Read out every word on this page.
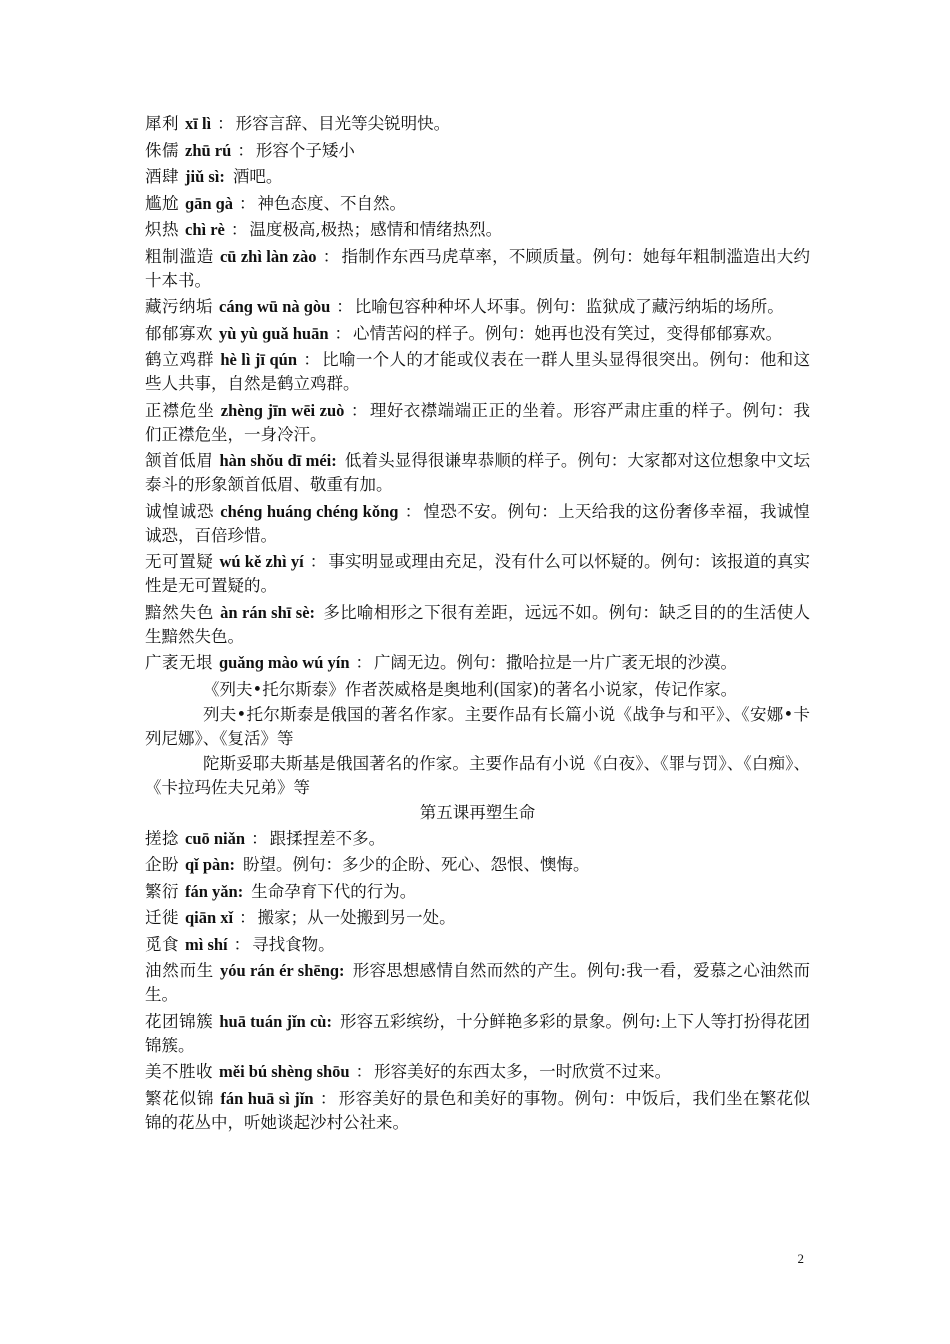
犀利 xī lì ： 形容言辞、目光等尖锐明快。
侏儒 zhū rú ： 形容个子矮小
酒肆 jiǔ sì: 酒吧。
尴尬 ɡān ɡà ： 神色态度、不自然。
炽热 chì rè ： 温度极高,极热；感情和情绪热烈。
粗制滥造 cū zhì làn zào ： 指制作东西马虎草率，不顾质量。例句：她每年粗制滥造出大约十本书。
藏污纳垢 cánɡ wū nà ɡòu ： 比喻包容种种坏人坏事。例句：监狱成了藏污纳垢的场所。
郁郁寡欢 yù yù ɡuǎ huān ： 心情苦闷的样子。例句：她再也没有笑过，变得郁郁寡欢。
鹤立鸡群 hè lì jī qún ： 比喻一个人的才能或仪表在一群人里头显得很突出。例句：他和这些人共事，自然是鹤立鸡群。
正襟危坐 zhènɡ jīn wēi zuò ： 理好衣襟端端正正的坐着。形容严肃庄重的样子。例句：我们正襟危坐，一身冷汗。
颔首低眉 hàn shǒu dī méi: 低着头显得很谦卑恭顺的样子。例句：大家都对这位想象中文坛泰斗的形象颔首低眉、敬重有加。
诚惶诚恐 chénɡ huánɡ chénɡ kǒnɡ ： 惶恐不安。例句：上天给我的这份奢侈幸福，我诚惶诚恐，百倍珍惜。
无可置疑 wú kě zhì yí ： 事实明显或理由充足，没有什么可以怀疑的。例句：该报道的真实性是无可置疑的。
黯然失色 àn rán shī sè: 多比喻相形之下很有差距，远远不如。例句：缺乏目的的生活使人生黯然失色。
广袤无垠 ɡuǎnɡ mào wú yín ： 广阔无边。例句：撒哈拉是一片广袤无垠的沙漠。
《列夫•托尔斯泰》作者茨威格是奥地利(国家)的著名小说家，传记作家。
列夫•托尔斯泰是俄国的著名作家。主要作品有长篇小说《战争与和平》、《安娜•卡列尼娜》、《复活》等
陀斯妥耶夫斯基是俄国著名的作家。主要作品有小说《白夜》、《罪与罚》、《白痴》、《卡拉玛佐夫兄弟》等
第五课再塑生命
搓捻 cuō niǎn ： 跟揉捏差不多。
企盼 qǐ pàn: 盼望。例句：多少的企盼、死心、怨恨、懊悔。
繁衍 fán yǎn: 生命孕育下代的行为。
迁徙 qiān xǐ ： 搬家；从一处搬到另一处。
觅食 mì shí ： 寻找食物。
油然而生 yóu rán ér shēnɡ: 形容思想感情自然而然的产生。例句:我一看，爱慕之心油然而生。
花团锦簇 huā tuán jǐn cù: 形容五彩缤纷，十分鲜艳多彩的景象。例句:上下人等打扮得花团　锦簇。
美不胜收 měi bú shènɡ shōu ： 形容美好的东西太多，一时欣赏不过来。
繁花似锦 fán huā sì jǐn ： 形容美好的景色和美好的事物。例句：中饭后，我们坐在繁花似锦的花丛中，听她谈起沙村公社来。
2
